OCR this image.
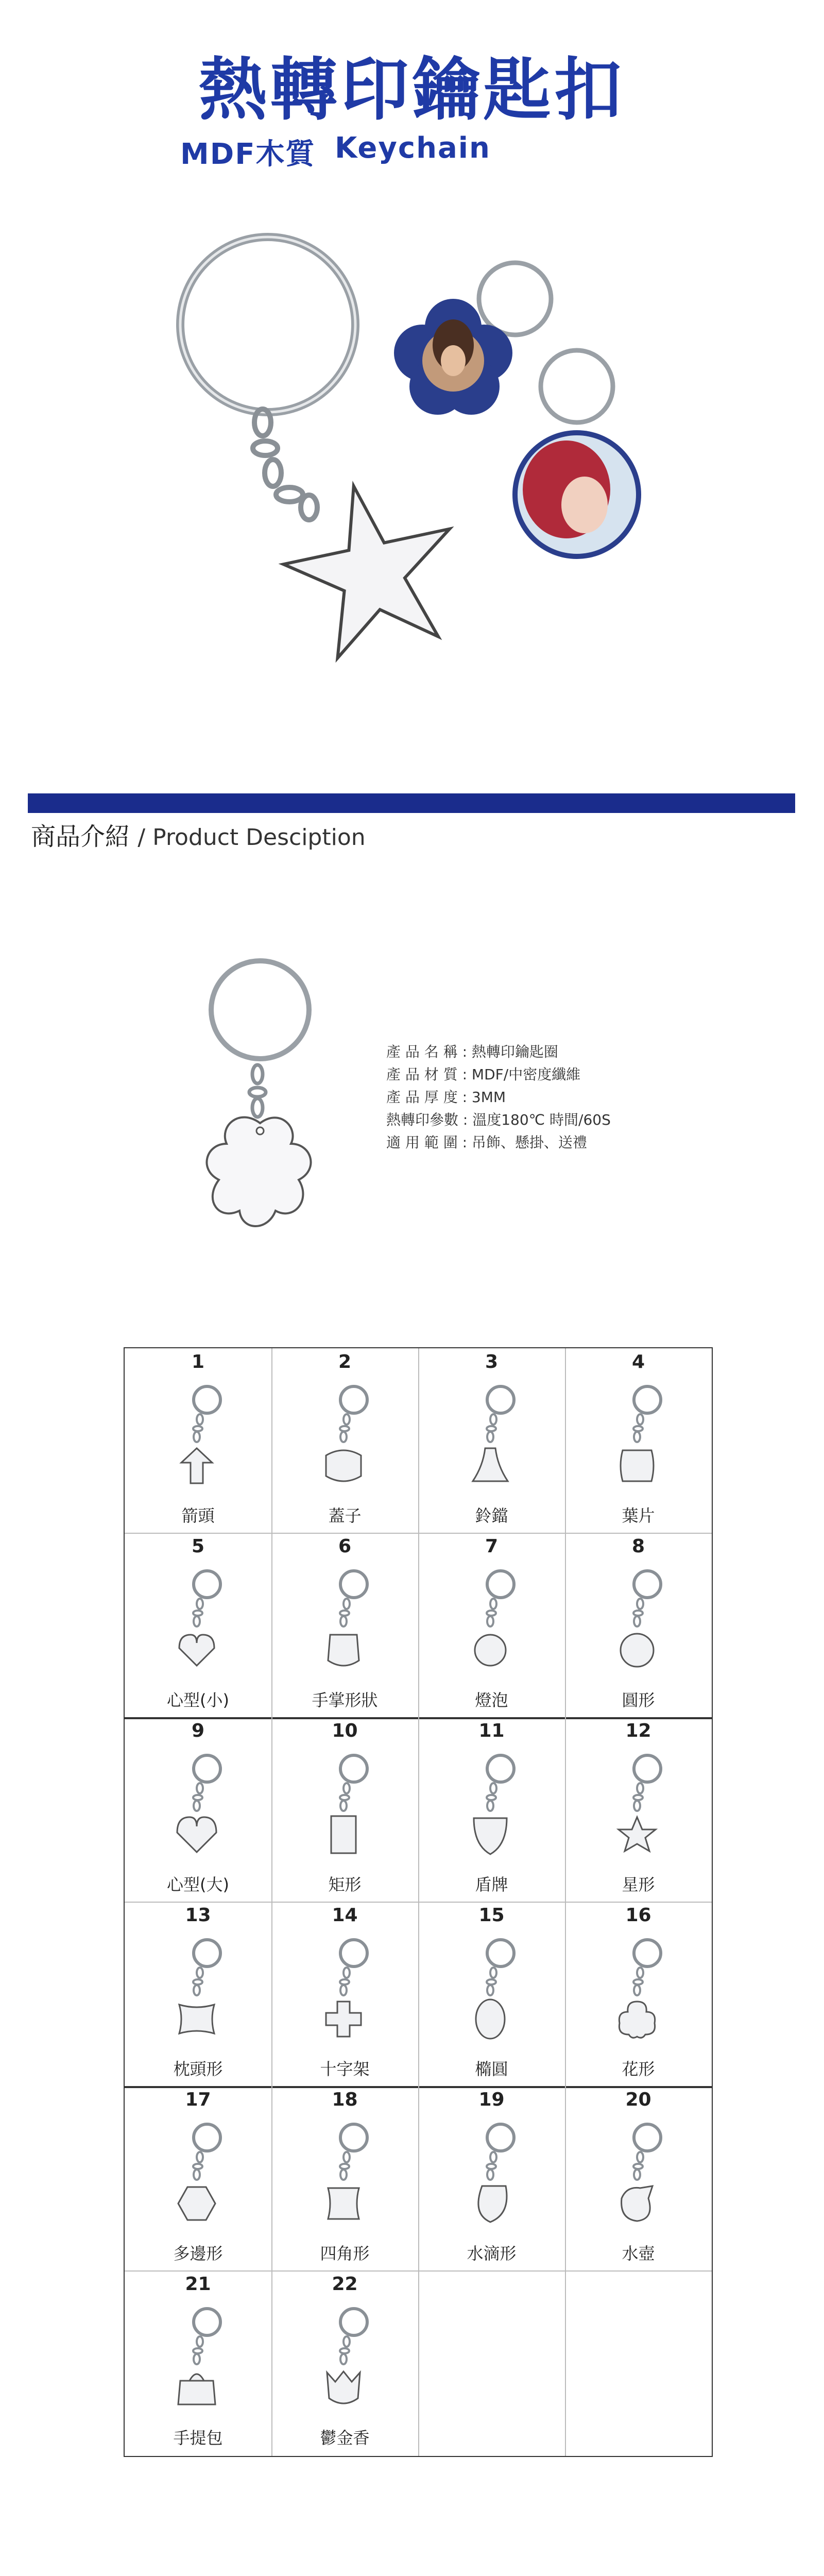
熱轉印鑰匙扣
MDF木質 Keychain
商品介紹 / Product Desciption
產 品 名 稱 : 熱轉印鑰匙圈
產 品 材 質 : MDF/中密度纖維
產 品 厚 度 : 3MM
熱轉印參數 : 溫度180℃ 時間/60S
適 用 範 圍 : 吊飾、懸掛、送禮
1
箭頭
2
蓋子
3
鈴鐺
4
葉片
5
心型(小)
6
手掌形狀
7
燈泡
8
圓形
9
心型(大)
10
矩形
11
盾牌
12
星形
13
枕頭形
14
十字架
15
橢圓
16
花形
17
多邊形
18
四角形
19
水滴形
20
水壺
21
手提包
22
鬱金香
